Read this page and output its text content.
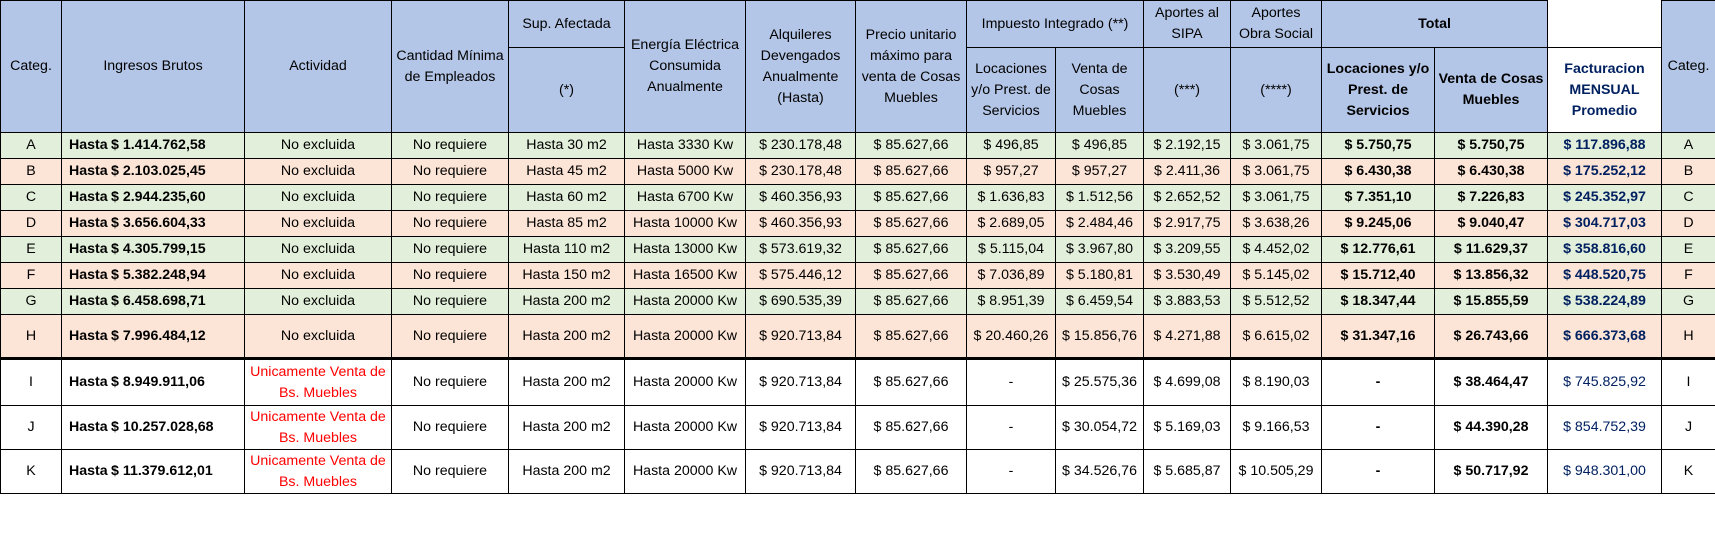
Categ.	Ingresos Brutos	Actividad	Cantidad Mínima de Empleados	Sup. Afectada	Energía Eléctrica Consumida Anualmente	Alquileres Devengados Anualmente (Hasta)	Precio unitario máximo para venta de Cosas Muebles	Impuesto Integrado (**)		Aportes al SIPA	Aportes Obra Social	Total			Categ.
				(*)				Locaciones y/o Prest. de Servicios	Venta de Cosas Muebles	(***)	(****)	Locaciones y/o Prest. de Servicios	Venta de Cosas Muebles	Facturacion MENSUAL Promedio	
A	Hasta $ 1.414.762,58	No excluida	No requiere	Hasta 30 m2	Hasta 3330 Kw	$ 230.178,48	$ 85.627,66	$ 496,85	$ 496,85	$ 2.192,15	$ 3.061,75	$ 5.750,75	$ 5.750,75	$ 117.896,88	A
B	Hasta $ 2.103.025,45	No excluida	No requiere	Hasta 45 m2	Hasta 5000 Kw	$ 230.178,48	$ 85.627,66	$ 957,27	$ 957,27	$ 2.411,36	$ 3.061,75	$ 6.430,38	$ 6.430,38	$ 175.252,12	B
C	Hasta $ 2.944.235,60	No excluida	No requiere	Hasta 60 m2	Hasta 6700 Kw	$ 460.356,93	$ 85.627,66	$ 1.636,83	$ 1.512,56	$ 2.652,52	$ 3.061,75	$ 7.351,10	$ 7.226,83	$ 245.352,97	C
D	Hasta $ 3.656.604,33	No excluida	No requiere	Hasta 85 m2	Hasta 10000 Kw	$ 460.356,93	$ 85.627,66	$ 2.689,05	$ 2.484,46	$ 2.917,75	$ 3.638,26	$ 9.245,06	$ 9.040,47	$ 304.717,03	D
E	Hasta $ 4.305.799,15	No excluida	No requiere	Hasta 110 m2	Hasta 13000 Kw	$ 573.619,32	$ 85.627,66	$ 5.115,04	$ 3.967,80	$ 3.209,55	$ 4.452,02	$ 12.776,61	$ 11.629,37	$ 358.816,60	E
F	Hasta $ 5.382.248,94	No excluida	No requiere	Hasta 150 m2	Hasta 16500 Kw	$ 575.446,12	$ 85.627,66	$ 7.036,89	$ 5.180,81	$ 3.530,49	$ 5.145,02	$ 15.712,40	$ 13.856,32	$ 448.520,75	F
G	Hasta $ 6.458.698,71	No excluida	No requiere	Hasta 200 m2	Hasta 20000 Kw	$ 690.535,39	$ 85.627,66	$ 8.951,39	$ 6.459,54	$ 3.883,53	$ 5.512,52	$ 18.347,44	$ 15.855,59	$ 538.224,89	G
H	Hasta $ 7.996.484,12	No excluida	No requiere	Hasta 200 m2	Hasta 20000 Kw	$ 920.713,84	$ 85.627,66	$ 20.460,26	$ 15.856,76	$ 4.271,88	$ 6.615,02	$ 31.347,16	$ 26.743,66	$ 666.373,68	H
I	Hasta $ 8.949.911,06	Unicamente Venta de Bs. Muebles	No requiere	Hasta 200 m2	Hasta 20000 Kw	$ 920.713,84	$ 85.627,66	-	$ 25.575,36	$ 4.699,08	$ 8.190,03	-	$ 38.464,47	$ 745.825,92	I
J	Hasta $ 10.257.028,68	Unicamente Venta de Bs. Muebles	No requiere	Hasta 200 m2	Hasta 20000 Kw	$ 920.713,84	$ 85.627,66	-	$ 30.054,72	$ 5.169,03	$ 9.166,53	-	$ 44.390,28	$ 854.752,39	J
K	Hasta $ 11.379.612,01	Unicamente Venta de Bs. Muebles	No requiere	Hasta 200 m2	Hasta 20000 Kw	$ 920.713,84	$ 85.627,66	-	$ 34.526,76	$ 5.685,87	$ 10.505,29	-	$ 50.717,92	$ 948.301,00	K
